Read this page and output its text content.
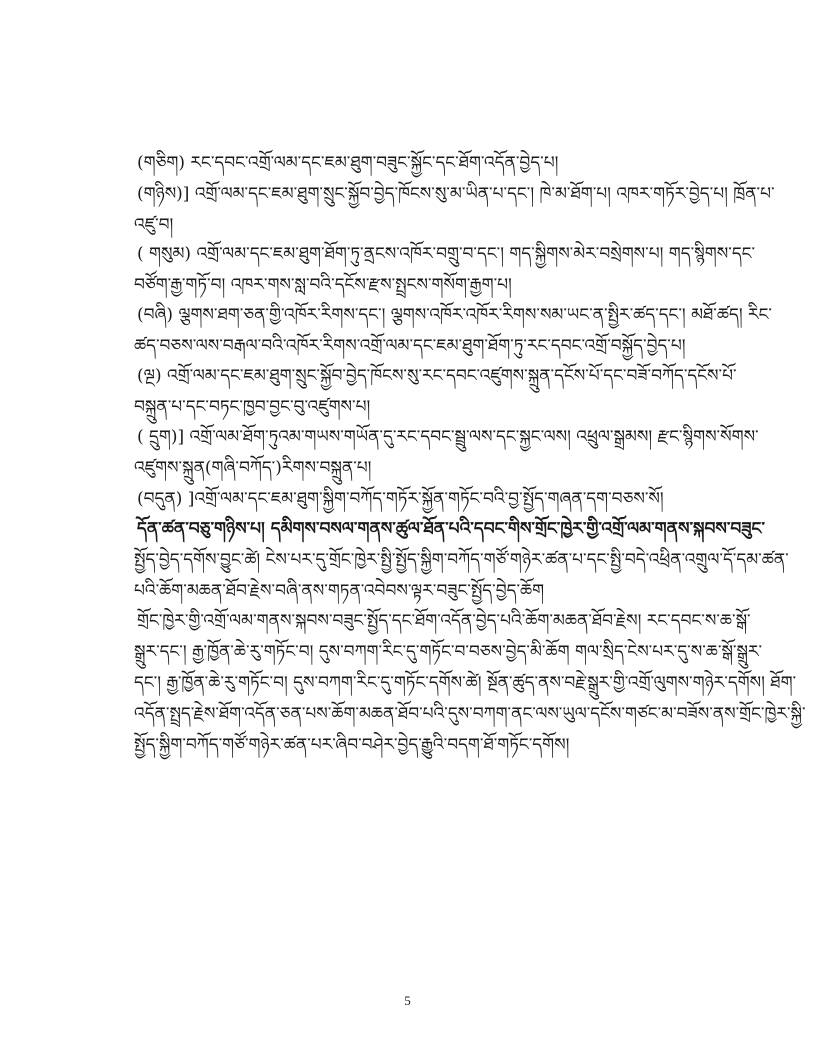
(གཅིག) རང་དབང་འགྲོ་ལམ་དང་ཇམ་ཐུག་བཟུང་སྐྱོང་དང་ཐོག་འདོན་བྱེད་པ།
(གཉིས)] འགྲོ་ལམ་དང་ཇམ་ཐུག་སྲུང་སྐྱོབ་བྱེད་ཁོངས་སུ་མ་ཡིན་པ་དང་། ཁེ་མ་ཐོག་པ། འཁར་གཏོར་བྱེད་པ། ཁྲོན་པ་
འཛུ་བ།
( གསུམ) འགྲོ་ལམ་དང་ཇམ་ཐུག་ཐོག་ཏུ་ནྲངས་འཁོར་བགྲུ་བ་དང་། གད་སྐྱིགས་མེར་བསྲེགས་པ། གད་སྙིགས་དང་
བཙོག་རྒྱ་གཏོ་བ། འཁར་གས་སླ་བའི་དངོས་རྫས་སྤྲངས་གསོག་རྒྱག་པ།
(བཞི) ལྕགས་ཐག་ཅན་གྱི་འཁོར་རིགས་དང་། ལྕགས་འཁོར་འཁོར་རིགས་སམ་ཡང་ན་སྤྱིར་ཚད་དང་། མཐོ་ཚད། རིང་
ཚད་བཅས་ལས་བརྒལ་བའི་འཁོར་རིགས་འགྲོ་ལམ་དང་ཇམ་ཐུག་ཐོག་ཏུ་རང་དབང་འགྲོ་བསྐྱོད་བྱེད་པ།
(ལྔ) འགྲོ་ལམ་དང་ཇམ་ཐུག་སྲུང་སྐྱོབ་བྱེད་ཁོངས་སུ་རང་དབང་འཛུགས་སྐྲུན་དངོས་པོ་དང་བཟོ་བཀོད་དངོས་པོ་
བསྐྲུན་པ་དང་བཏང་ཁྱབ་བྱང་བུ་འཛུགས་པ།
( དྲུག)] འགྲོ་ལམ་ཐོག་ཏུའམ་གཡས་གཡོན་དུ་རང་དབང་སྦྲུ་ལས་དང་སྐྱང་ལས། འཕྲུལ་སྒྲམས། རྫང་སྙིགས་སོགས་
འཛུགས་སྐྲུན(གཞི་བཀོད་)རིགས་བསྐྲུན་པ།
(བདུན) ]འགྲོ་ལམ་དང་ཇམ་ཐུག་སྐྱིག་བཀོད་གཏོར་སྐྱོན་གཏོང་བའི་བྱ་སྤྱོད་གཞན་དག་བཅས་སོ།
དོན་ཚན་བཅུ་གཉིས་པ། དམིགས་བསལ་གནས་ཚུལ་ཐོན་པའི་དབང་གིས་གྲོང་ཁྱེར་གྱི་འགྲོ་ལམ་གནས་སྐབས་བཟུང་
སྤྱོད་བྱེད་དགོས་བྱུང་ཚེ། ངེས་པར་དུ་གྲོང་ཁྱེར་སྤྱི་སྤྱོད་སྐྱིག་བཀོད་གཙོ་གཉེར་ཚན་པ་དང་སྤྱི་བདེ་འཕྲིན་འགྲུལ་དོ་དམ་ཚན་
པའི་ཆོག་མཆན་ཐོབ་རྗེས་བཞི་ནས་གཏན་འབེབས་ལྟར་བཟུང་སྤྱོད་བྱེད་ཆོག
གྲོང་ཁྱེར་གྱི་འགྲོ་ལམ་གནས་སྐབས་བཟུང་སྤྱོད་དང་ཐོག་འདོན་བྱེད་པའི་ཆོག་མཆན་ཐོབ་རྗེས། རང་དབང་ས་ཆ་སྒོ་
སྒྲུར་དང་། རྒྱ་ཁྱོན་ཆེ་རུ་གཏོང་བ། དུས་བཀག་རིང་དུ་གཏོང་བ་བཅས་བྱེད་མི་ཆོག གལ་སྲིད་ངེས་པར་དུ་ས་ཆ་སྒོ་སྒྲུར་
དང་། རྒྱ་ཁྱོན་ཆེ་རུ་གཏོང་བ། དུས་བཀག་རིང་དུ་གཏོང་དགོས་ཚེ། སྔོན་ཚུད་ནས་བརྗེ་སྒྲུར་གྱི་འགྲོ་ལུགས་གཉེར་དགོས། ཐོག་
འདོན་སྤྲད་རྗེས་ཐོག་འདོན་ཅན་པས་ཆོག་མཆན་ཐོབ་པའི་དུས་བཀག་ནང་ལས་ཡུལ་དངོས་གཙང་མ་བཟོས་ནས་གྲོང་ཁྱེར་སྐྱི་
སྤྱོད་སྐྱིག་བཀོད་གཙོ་གཉེར་ཚན་པར་ཞིབ་བཤེར་བྱེད་རྒྱུའི་བདག་ཐོ་གཏོང་དགོས།
5
